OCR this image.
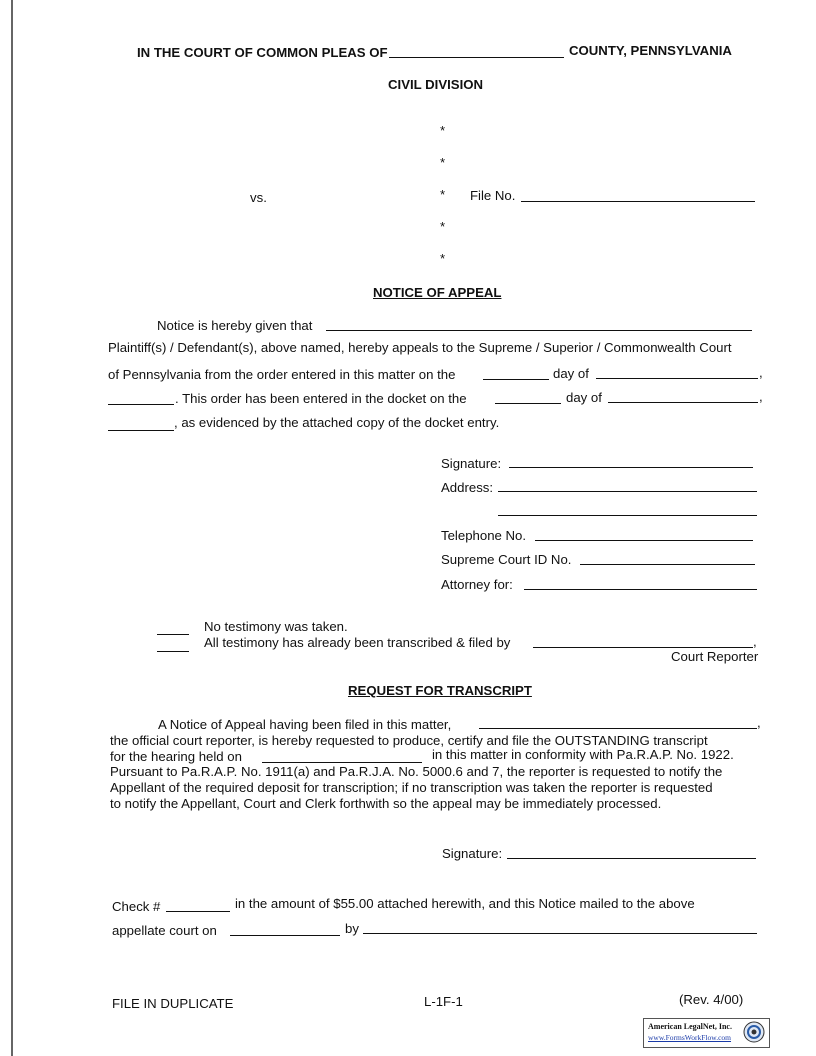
IN THE COURT OF COMMON PLEAS OF	COUNTY, PENNSYLVANIA
CIVIL DIVISION
*
*
*
*
*
vs.	File No.
NOTICE OF APPEAL
Notice is hereby given that
Plaintiff(s) / Defendant(s), above named, hereby appeals to the Supreme / Superior / Commonwealth Court
of Pennsylvania from the order entered in this matter on the	day of	,
. This order has been entered in the docket on the	day of	,
, as evidenced by the attached copy of the docket entry.
Signature:
Address:
Telephone No.
Supreme Court ID No.
Attorney for:
No testimony was taken.
All testimony has already been transcribed & filed by	,
Court Reporter
REQUEST FOR TRANSCRIPT
A Notice of Appeal having been filed in this matter,	,
the official court reporter, is hereby requested to produce, certify and file the OUTSTANDING transcript
for the hearing held on	in this matter in conformity with Pa.R.A.P. No. 1922.
Pursuant to Pa.R.A.P. No. 1911(a) and Pa.R.J.A. No. 5000.6 and 7, the reporter is requested to notify the
Appellant of the required deposit for transcription; if no transcription was taken the reporter is requested
to notify the Appellant, Court and Clerk forthwith so the appeal may be immediately processed.
Signature:
Check #	in the amount of $55.00 attached herewith, and this Notice mailed to the above
appellate court on	by
FILE IN DUPLICATE	L-1F-1	(Rev. 4/00)
American LegalNet, Inc.
www.FormsWorkFlow.com
